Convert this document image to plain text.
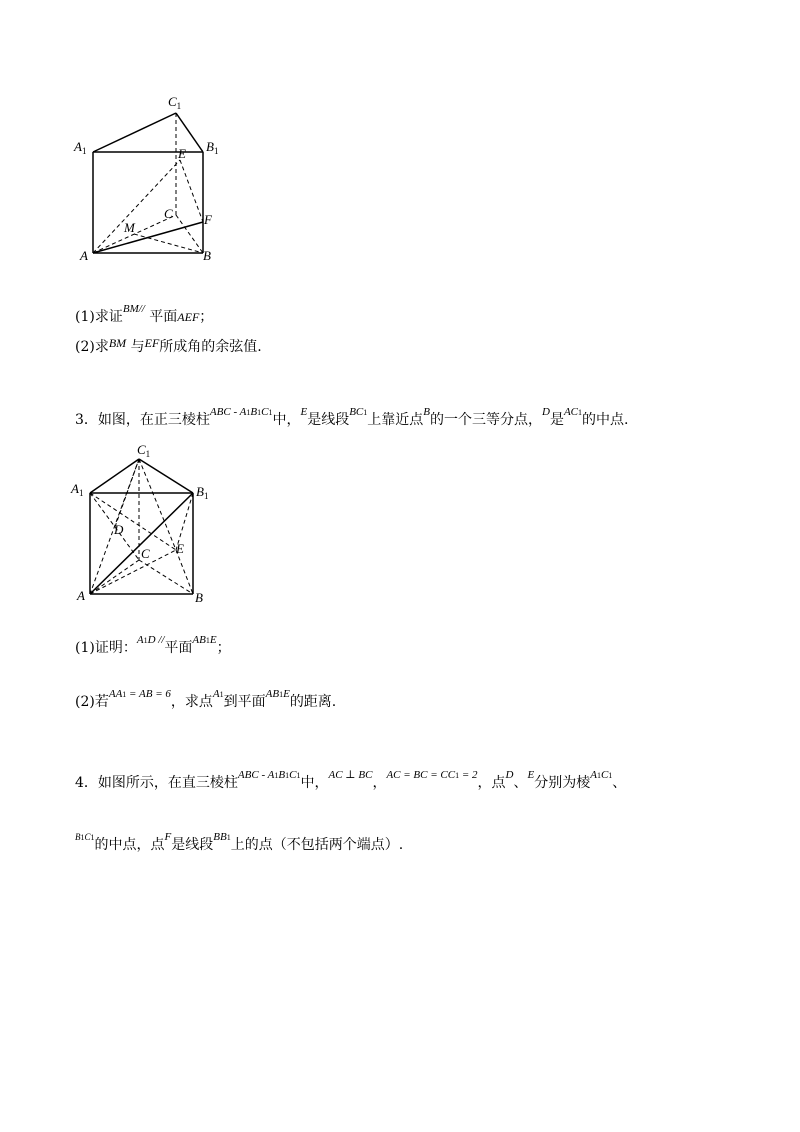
$C_1$
$A_1$	$B_1$
E
C F
M
A	B
(1)求证$^{BM//}$ 平面AEF；
(2)求BM 与EF所成角的余弦值.
3．如图，在正三棱柱$^{ABC - A1B1C1}$中，$^E$是线段$^{BC1}$上靠近点$^B$的一个三等分点，$^D$是$^{AC1}$的中点.
$C_1$
$A_1$	$B_1$
D
C E
A	B
(1)证明：$^{A1D //}$平面$^{AB1E}$；
(2)若$^{AA1 = AB = 6}$，求点$^{A1}$到平面$^{AB1E}$的距离.
4．如图所示，在直三棱柱$^{ABC - A1B1C1}$中，$^{AC \perp BC}$，$^{AC = BC = CC1 = 2}$，点$^D$、$^E$分别为棱$^{A1C1}$、
$^{B1C1}$的中点，点$^F$是线段$^{BB1}$上的点（不包括两个端点）.
